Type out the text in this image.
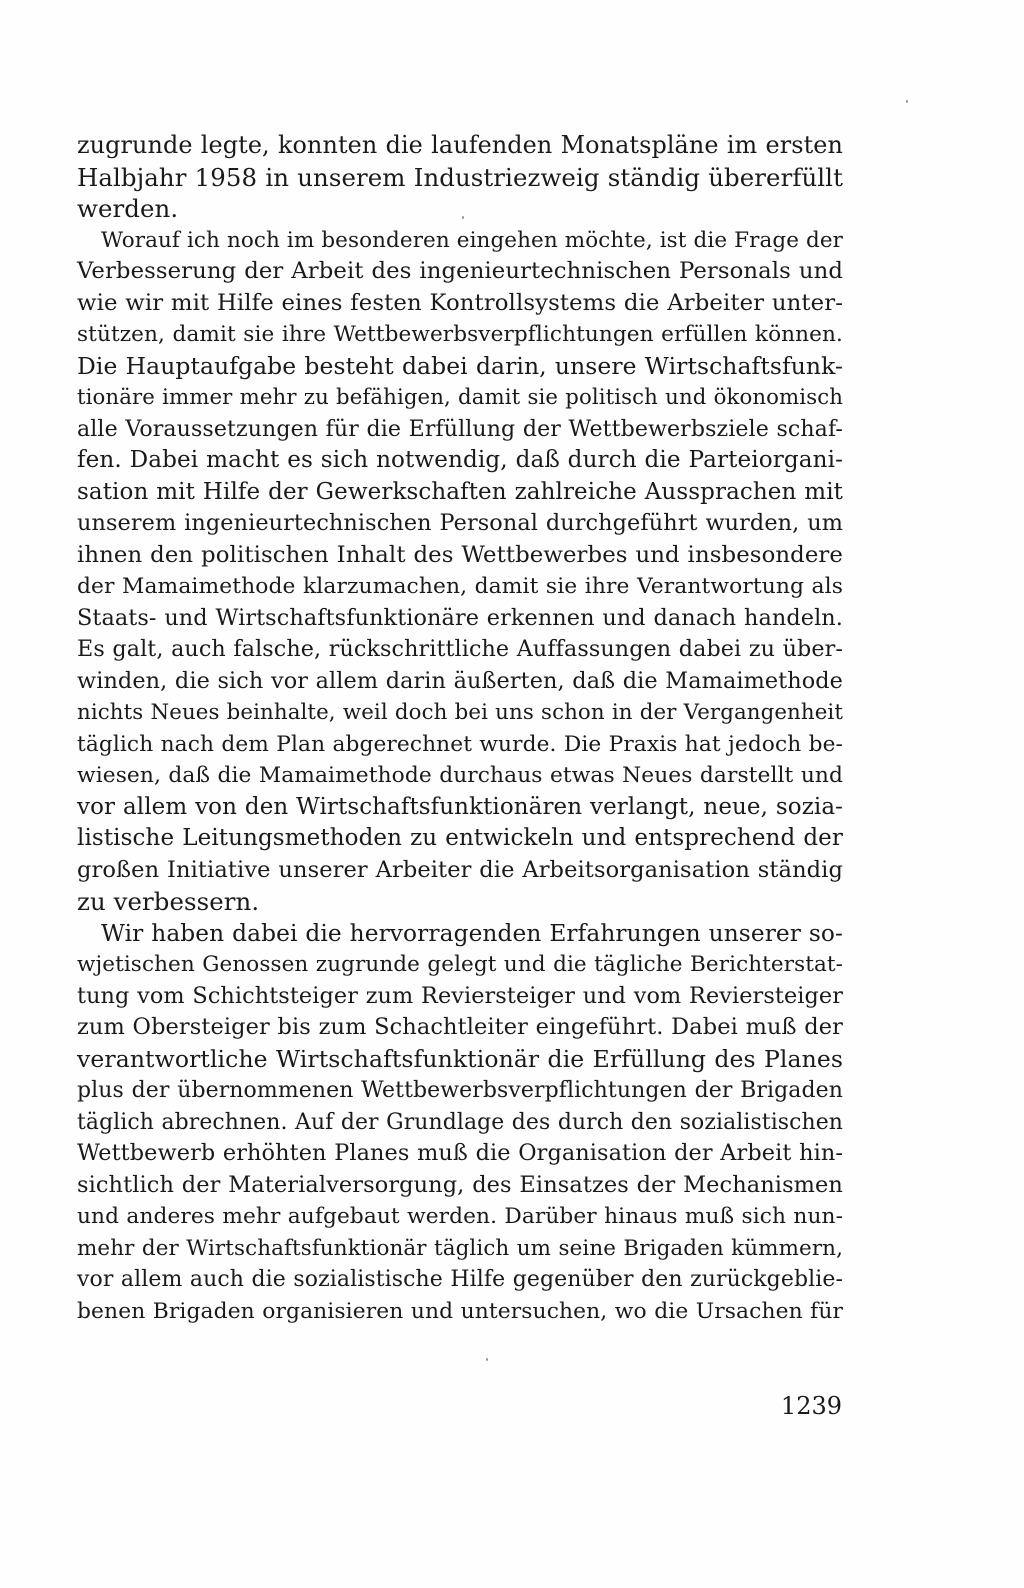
zugrunde legte, konnten die laufenden Monatspläne im ersten
Halbjahr 1958 in unserem Industriezweig ständig übererfüllt
werden.
Worauf ich noch im besonderen eingehen möchte, ist die Frage der
Verbesserung der Arbeit des ingenieurtechnischen Personals und
wie wir mit Hilfe eines festen Kontrollsystems die Arbeiter unter-
stützen, damit sie ihre Wettbewerbsverpflichtungen erfüllen können.
Die Hauptaufgabe besteht dabei darin, unsere Wirtschaftsfunk-
tionäre immer mehr zu befähigen, damit sie politisch und ökonomisch
alle Voraussetzungen für die Erfüllung der Wettbewerbsziele schaf-
fen. Dabei macht es sich notwendig, daß durch die Parteiorgani-
sation mit Hilfe der Gewerkschaften zahlreiche Aussprachen mit
unserem ingenieurtechnischen Personal durchgeführt wurden, um
ihnen den politischen Inhalt des Wettbewerbes und insbesondere
der Mamaimethode klarzumachen, damit sie ihre Verantwortung als
Staats- und Wirtschaftsfunktionäre erkennen und danach handeln.
Es galt, auch falsche, rückschrittliche Auffassungen dabei zu über-
winden, die sich vor allem darin äußerten, daß die Mamaimethode
nichts Neues beinhalte, weil doch bei uns schon in der Vergangenheit
täglich nach dem Plan abgerechnet wurde. Die Praxis hat jedoch be-
wiesen, daß die Mamaimethode durchaus etwas Neues darstellt und
vor allem von den Wirtschaftsfunktionären verlangt, neue, sozia-
listische Leitungsmethoden zu entwickeln und entsprechend der
großen Initiative unserer Arbeiter die Arbeitsorganisation ständig
zu verbessern.
Wir haben dabei die hervorragenden Erfahrungen unserer so-
wjetischen Genossen zugrunde gelegt und die tägliche Berichterstat-
tung vom Schichtsteiger zum Reviersteiger und vom Reviersteiger
zum Obersteiger bis zum Schachtleiter eingeführt. Dabei muß der
verantwortliche Wirtschaftsfunktionär die Erfüllung des Planes
plus der übernommenen Wettbewerbsverpflichtungen der Brigaden
täglich abrechnen. Auf der Grundlage des durch den sozialistischen
Wettbewerb erhöhten Planes muß die Organisation der Arbeit hin-
sichtlich der Materialversorgung, des Einsatzes der Mechanismen
und anderes mehr aufgebaut werden. Darüber hinaus muß sich nun-
mehr der Wirtschaftsfunktionär täglich um seine Brigaden kümmern,
vor allem auch die sozialistische Hilfe gegenüber den zurückgeblie-
benen Brigaden organisieren und untersuchen, wo die Ursachen für
1239
